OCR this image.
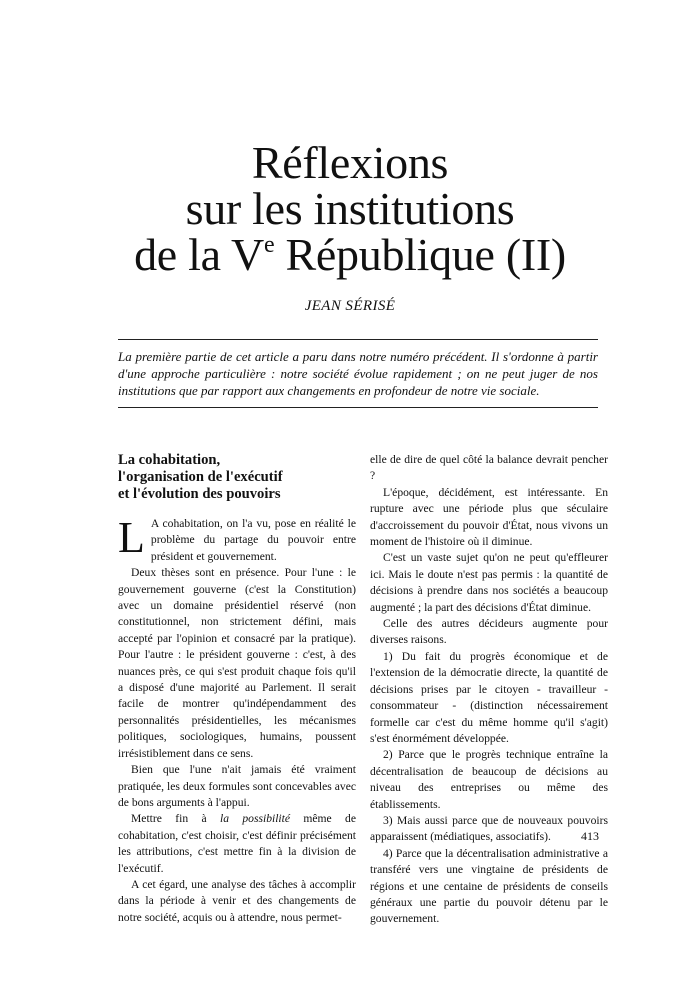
Réflexions
sur les institutions
de la Ve République (II)
JEAN SÉRISÉ
La première partie de cet article a paru dans notre numéro précédent. Il s'ordonne à partir d'une approche particulière : notre société évolue rapidement ; on ne peut juger de nos institutions que par rapport aux changements en profondeur de notre vie sociale.
La cohabitation,
l'organisation de l'exécutif
et l'évolution des pouvoirs

L A cohabitation, on l'a vu, pose en réalité le problème du partage du pouvoir entre président et gouvernement.

Deux thèses sont en présence. Pour l'une : le gouvernement gouverne (c'est la Constitution) avec un domaine présidentiel réservé (non constitutionnel, non strictement défini, mais accepté par l'opinion et consacré par la pratique). Pour l'autre : le président gouverne : c'est, à des nuances près, ce qui s'est produit chaque fois qu'il a disposé d'une majorité au Parlement. Il serait facile de montrer qu'indépendamment des personnalités présidentielles, les mécanismes politiques, sociologiques, humains, poussent irrésistiblement dans ce sens.

Bien que l'une n'ait jamais été vraiment pratiquée, les deux formules sont concevables avec de bons arguments à l'appui.

Mettre fin à la possibilité même de cohabitation, c'est choisir, c'est définir précisément les attributions, c'est mettre fin à la division de l'exécutif.

A cet égard, une analyse des tâches à accomplir dans la période à venir et des changements de notre société, acquis ou à attendre, nous permet-

elle de dire de quel côté la balance devrait pencher ?

L'époque, décidément, est intéressante. En rupture avec une période plus que séculaire d'accroissement du pouvoir d'État, nous vivons un moment de l'histoire où il diminue.

C'est un vaste sujet qu'on ne peut qu'effleurer ici. Mais le doute n'est pas permis : la quantité de décisions à prendre dans nos sociétés a beaucoup augmenté ; la part des décisions d'État diminue.

Celle des autres décideurs augmente pour diverses raisons.

1) Du fait du progrès économique et de l'extension de la démocratie directe, la quantité de décisions prises par le citoyen - travailleur - consommateur - (distinction nécessairement formelle car c'est du même homme qu'il s'agit) s'est énormément développée.

2) Parce que le progrès technique entraîne la décentralisation de beaucoup de décisions au niveau des entreprises ou même des établissements.

3) Mais aussi parce que de nouveaux pouvoirs apparaissent (médiatiques, associatifs).

4) Parce que la décentralisation administrative a transféré vers une vingtaine de présidents de régions et une centaine de présidents de conseils généraux une partie du pouvoir détenu par le gouvernement.

413
